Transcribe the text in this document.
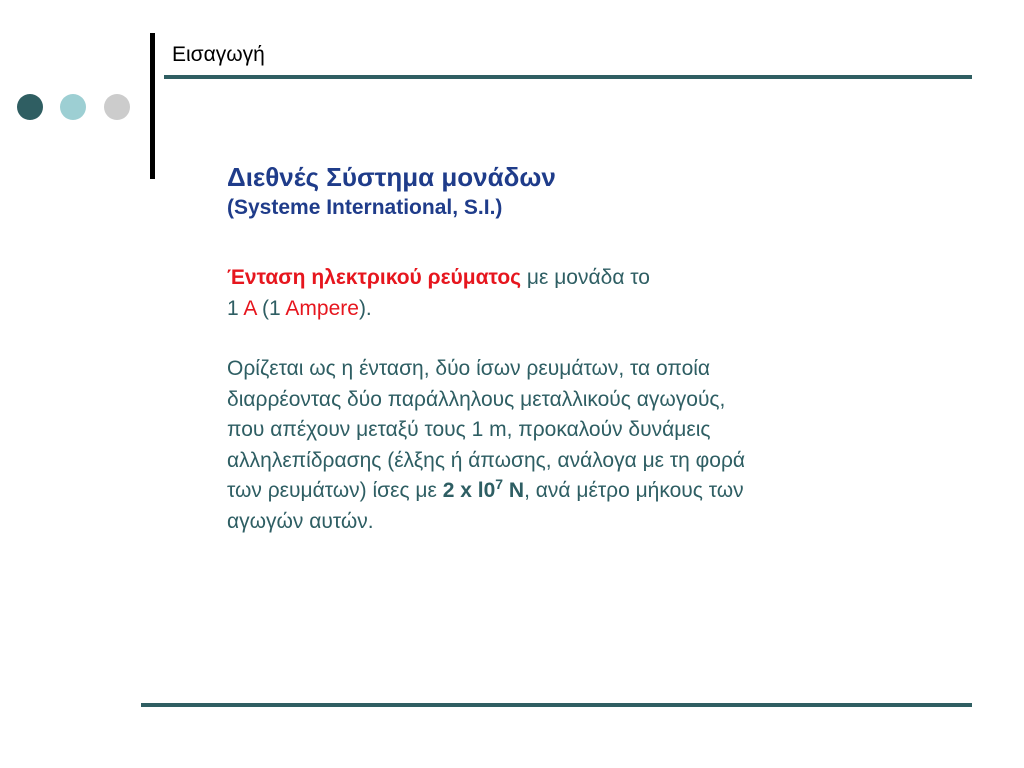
Εισαγωγή
Διεθνές Σύστημα μονάδων
(Systeme International, S.I.)
Ένταση ηλεκτρικού ρεύματος με μονάδα το
1 A (1 Ampere).
Ορίζεται ως η ένταση, δύο ίσων ρευμάτων, τα οποία
διαρρέοντας δύο παράλληλους μεταλλικούς αγωγούς,
που απέχουν μεταξύ τους 1 m, προκαλούν δυνάμεις
αλληλεπίδρασης (έλξης ή άπωσης, ανάλογα με τη φορά
των ρευμάτων) ίσες με 2 x $l0^7$ N, ανά μέτρο μήκους των
αγωγών αυτών.
